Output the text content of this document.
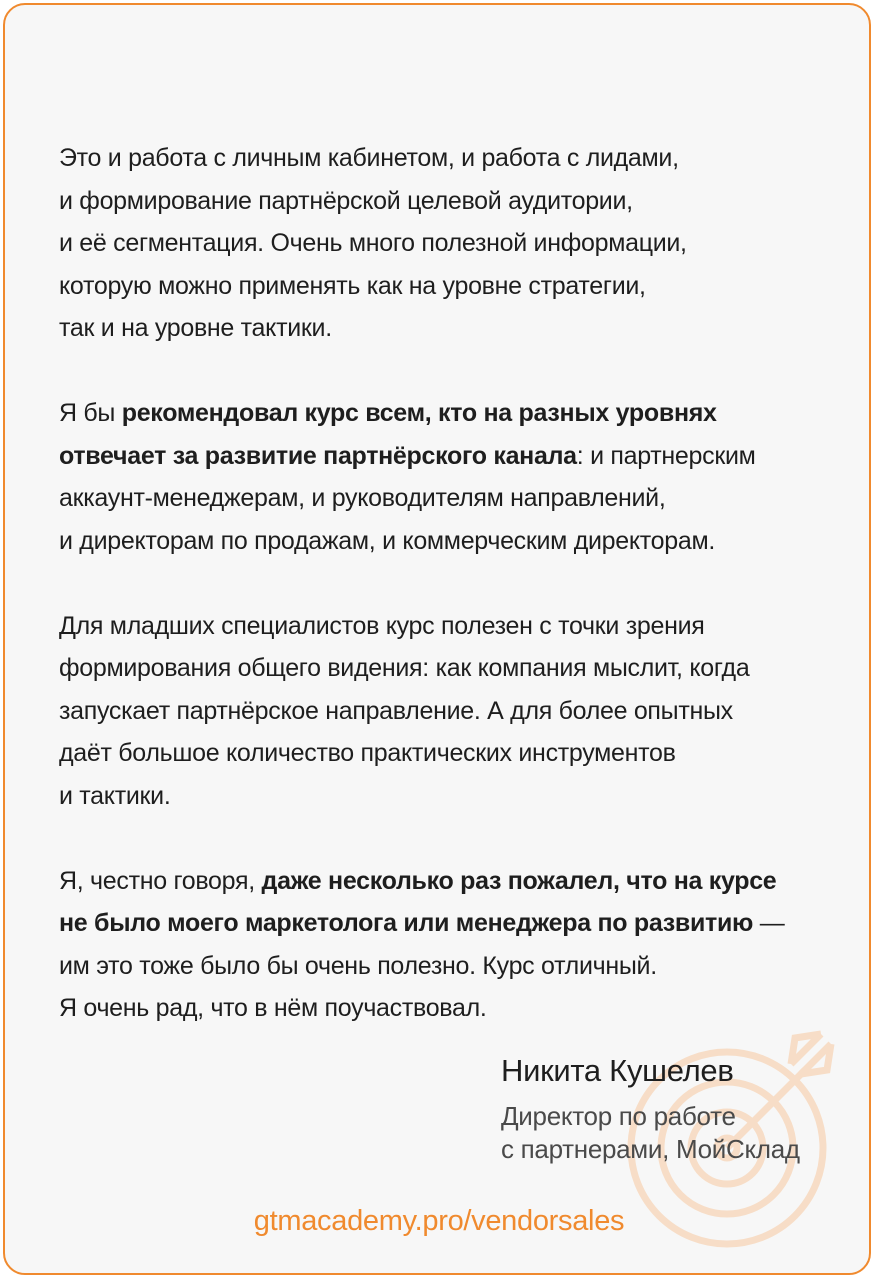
Это и работа с личным кабинетом, и работа с лидами,
и формирование партнёрской целевой аудитории,
и её сегментация. Очень много полезной информации,
которую можно применять как на уровне стратегии,
так и на уровне тактики.
Я бы рекомендовал курс всем, кто на разных уровнях
отвечает за развитие партнёрского канала: и партнерским
аккаунт-менеджерам, и руководителям направлений,
и директорам по продажам, и коммерческим директорам.
Для младших специалистов курс полезен с точки зрения
формирования общего видения: как компания мыслит, когда
запускает партнёрское направление. А для более опытных
даёт большое количество практических инструментов
и тактики.
Я, честно говоря, даже несколько раз пожалел, что на курсе
не было моего маркетолога или менеджера по развитию —
им это тоже было бы очень полезно. Курс отличный.
Я очень рад, что в нём поучаствовал.
Никита Кушелев
Директор по работе
с партнерами, МойСклад
gtmacademy.pro/vendorsales
